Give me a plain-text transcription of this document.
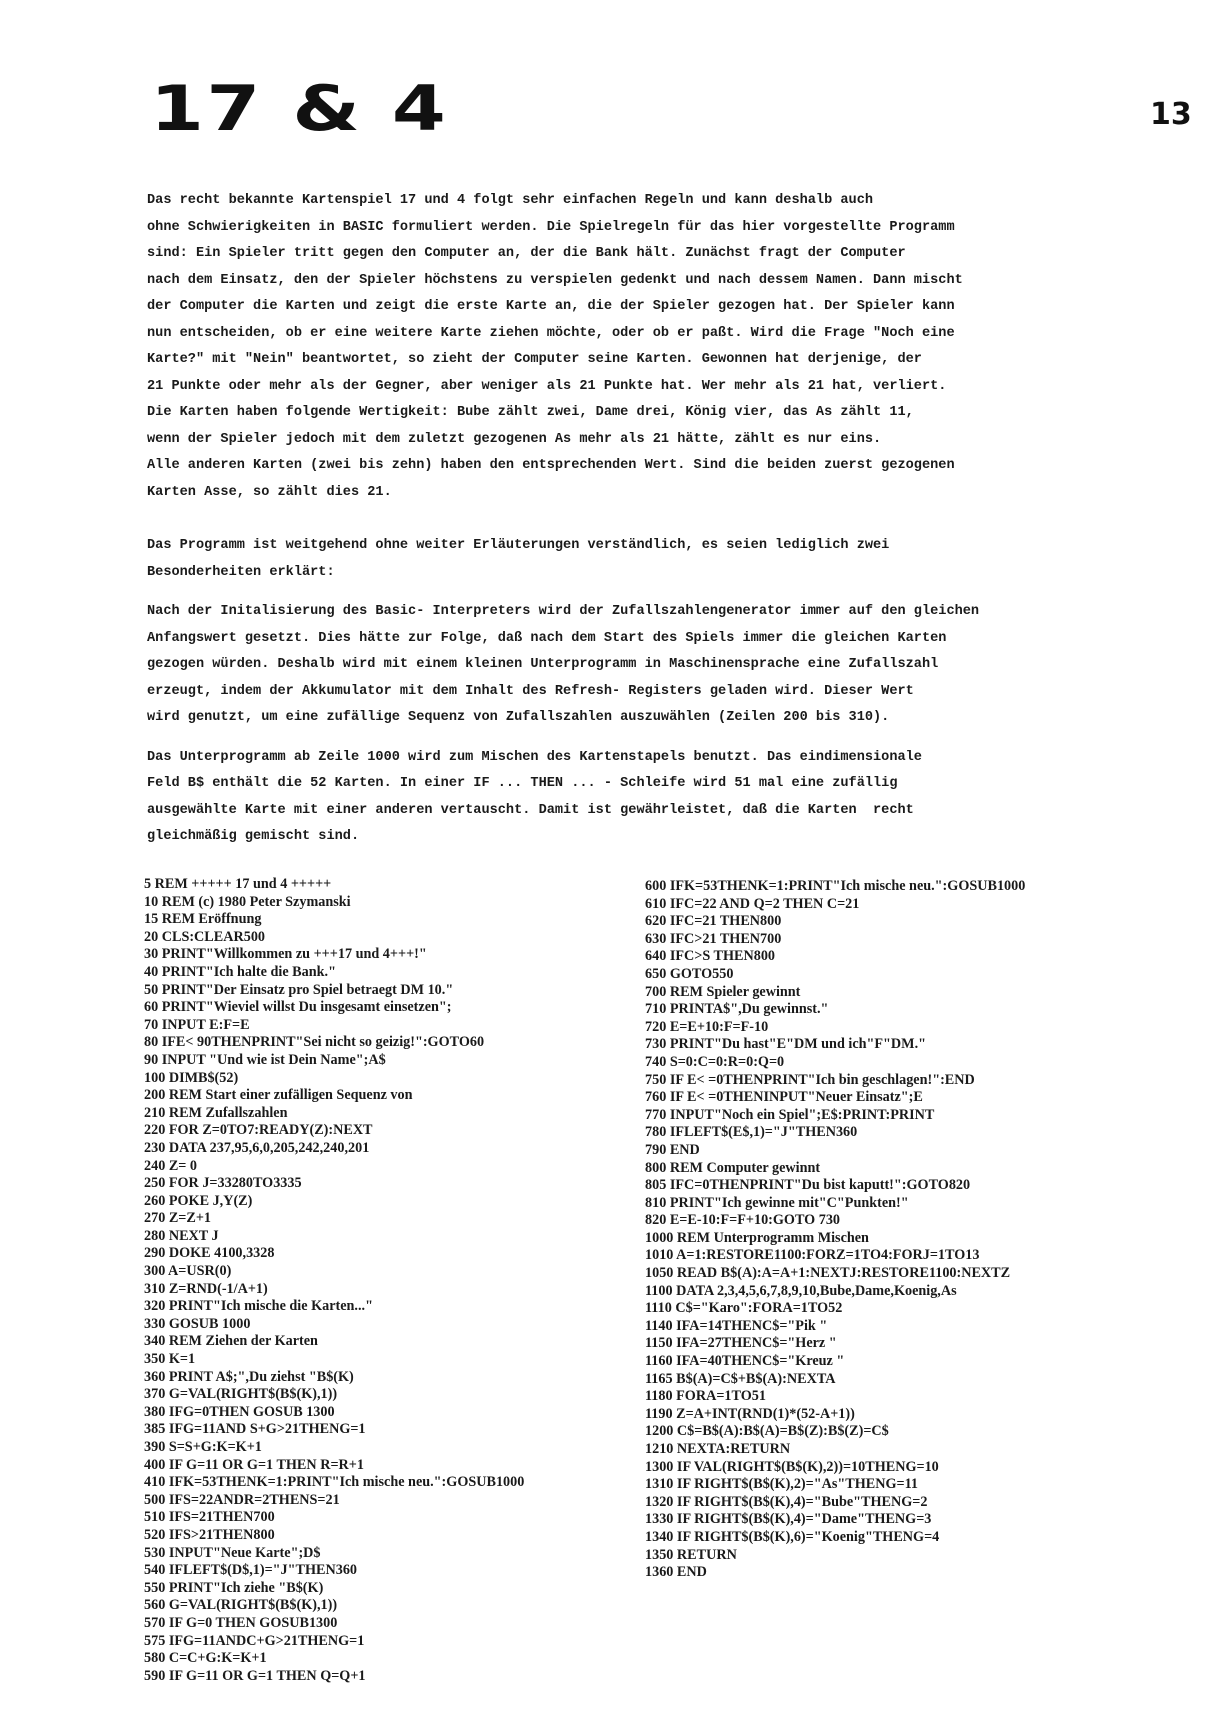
17 & 4	13
Das recht bekannte Kartenspiel 17 und 4 folgt sehr einfachen Regeln und kann deshalb auch
ohne Schwierigkeiten in BASIC formuliert werden. Die Spielregeln für das hier vorgestellte Programm
sind: Ein Spieler tritt gegen den Computer an, der die Bank hält. Zunächst fragt der Computer
nach dem Einsatz, den der Spieler höchstens zu verspielen gedenkt und nach dessem Namen. Dann mischt
der Computer die Karten und zeigt die erste Karte an, die der Spieler gezogen hat. Der Spieler kann
nun entscheiden, ob er eine weitere Karte ziehen möchte, oder ob er paßt. Wird die Frage "Noch eine
Karte?" mit "Nein" beantwortet, so zieht der Computer seine Karten. Gewonnen hat derjenige, der
21 Punkte oder mehr als der Gegner, aber weniger als 21 Punkte hat. Wer mehr als 21 hat, verliert.
Die Karten haben folgende Wertigkeit: Bube zählt zwei, Dame drei, König vier, das As zählt 11,
wenn der Spieler jedoch mit dem zuletzt gezogenen As mehr als 21 hätte, zählt es nur eins.
Alle anderen Karten (zwei bis zehn) haben den entsprechenden Wert. Sind die beiden zuerst gezogenen
Karten Asse, so zählt dies 21.
Das Programm ist weitgehend ohne weiter Erläuterungen verständlich, es seien lediglich zwei
Besonderheiten erklärt:
Nach der Initalisierung des Basic- Interpreters wird der Zufallszahlengenerator immer auf den gleichen
Anfangswert gesetzt. Dies hätte zur Folge, daß nach dem Start des Spiels immer die gleichen Karten
gezogen würden. Deshalb wird mit einem kleinen Unterprogramm in Maschinensprache eine Zufallszahl
erzeugt, indem der Akkumulator mit dem Inhalt des Refresh- Registers geladen wird. Dieser Wert
wird genutzt, um eine zufällige Sequenz von Zufallszahlen auszuwählen (Zeilen 200 bis 310).
Das Unterprogramm ab Zeile 1000 wird zum Mischen des Kartenstapels benutzt. Das eindimensionale
Feld B$ enthält die 52 Karten. In einer IF ... THEN ... - Schleife wird 51 mal eine zufällig
ausgewählte Karte mit einer anderen vertauscht. Damit ist gewährleistet, daß die Karten  recht
gleichmäßig gemischt sind.
5 REM +++++ 17 und 4 +++++
10 REM (c) 1980 Peter Szymanski
15 REM Eröffnung
20 CLS:CLEAR500
30 PRINT"Willkommen zu +++17 und 4+++!"
40 PRINT"Ich halte die Bank."
50 PRINT"Der Einsatz pro Spiel betraegt DM 10."
60 PRINT"Wieviel willst Du insgesamt einsetzen";
70 INPUT E:F=E
80 IFE< 90THENPRINT"Sei nicht so geizig!":GOTO60
90 INPUT "Und wie ist Dein Name";A$
100 DIMB$(52)
200 REM Start einer zufälligen Sequenz von
210 REM Zufallszahlen
220 FOR Z=0TO7:READY(Z):NEXT
230 DATA 237,95,6,0,205,242,240,201
240 Z= 0
250 FOR J=33280TO3335
260 POKE J,Y(Z)
270 Z=Z+1
280 NEXT J
290 DOKE 4100,3328
300 A=USR(0)
310 Z=RND(-1/A+1)
320 PRINT"Ich mische die Karten..."
330 GOSUB 1000
340 REM Ziehen der Karten
350 K=1
360 PRINT A$;",Du ziehst "B$(K)
370 G=VAL(RIGHT$(B$(K),1))
380 IFG=0THEN GOSUB 1300
385 IFG=11AND S+G>21THENG=1
390 S=S+G:K=K+1
400 IF G=11 OR G=1 THEN R=R+1
410 IFK=53THENK=1:PRINT"Ich mische neu.":GOSUB1000
500 IFS=22ANDR=2THENS=21
510 IFS=21THEN700
520 IFS>21THEN800
530 INPUT"Neue Karte";D$
540 IFLEFT$(D$,1)="J"THEN360
550 PRINT"Ich ziehe "B$(K)
560 G=VAL(RIGHT$(B$(K),1))
570 IF G=0 THEN GOSUB1300
575 IFG=11ANDC+G>21THENG=1
580 C=C+G:K=K+1
590 IF G=11 OR G=1 THEN Q=Q+1
600 IFK=53THENK=1:PRINT"Ich mische neu.":GOSUB1000
610 IFC=22 AND Q=2 THEN C=21
620 IFC=21 THEN800
630 IFC>21 THEN700
640 IFC>S THEN800
650 GOTO550
700 REM Spieler gewinnt
710 PRINTA$",Du gewinnst."
720 E=E+10:F=F-10
730 PRINT"Du hast"E"DM und ich"F"DM."
740 S=0:C=0:R=0:Q=0
750 IF E< =0THENPRINT"Ich bin geschlagen!":END
760 IF E< =0THENINPUT"Neuer Einsatz";E
770 INPUT"Noch ein Spiel";E$:PRINT:PRINT
780 IFLEFT$(E$,1)="J"THEN360
790 END
800 REM Computer gewinnt
805 IFC=0THENPRINT"Du bist kaputt!":GOTO820
810 PRINT"Ich gewinne mit"C"Punkten!"
820 E=E-10:F=F+10:GOTO 730
1000 REM Unterprogramm Mischen
1010 A=1:RESTORE1100:FORZ=1TO4:FORJ=1TO13
1050 READ B$(A):A=A+1:NEXTJ:RESTORE1100:NEXTZ
1100 DATA 2,3,4,5,6,7,8,9,10,Bube,Dame,Koenig,As
1110 C$="Karo":FORA=1TO52
1140 IFA=14THENC$="Pik "
1150 IFA=27THENC$="Herz "
1160 IFA=40THENC$="Kreuz "
1165 B$(A)=C$+B$(A):NEXTA
1180 FORA=1TO51
1190 Z=A+INT(RND(1)*(52-A+1))
1200 C$=B$(A):B$(A)=B$(Z):B$(Z)=C$
1210 NEXTA:RETURN
1300 IF VAL(RIGHT$(B$(K),2))=10THENG=10
1310 IF RIGHT$(B$(K),2)="As"THENG=11
1320 IF RIGHT$(B$(K),4)="Bube"THENG=2
1330 IF RIGHT$(B$(K),4)="Dame"THENG=3
1340 IF RIGHT$(B$(K),6)="Koenig"THENG=4
1350 RETURN
1360 END
